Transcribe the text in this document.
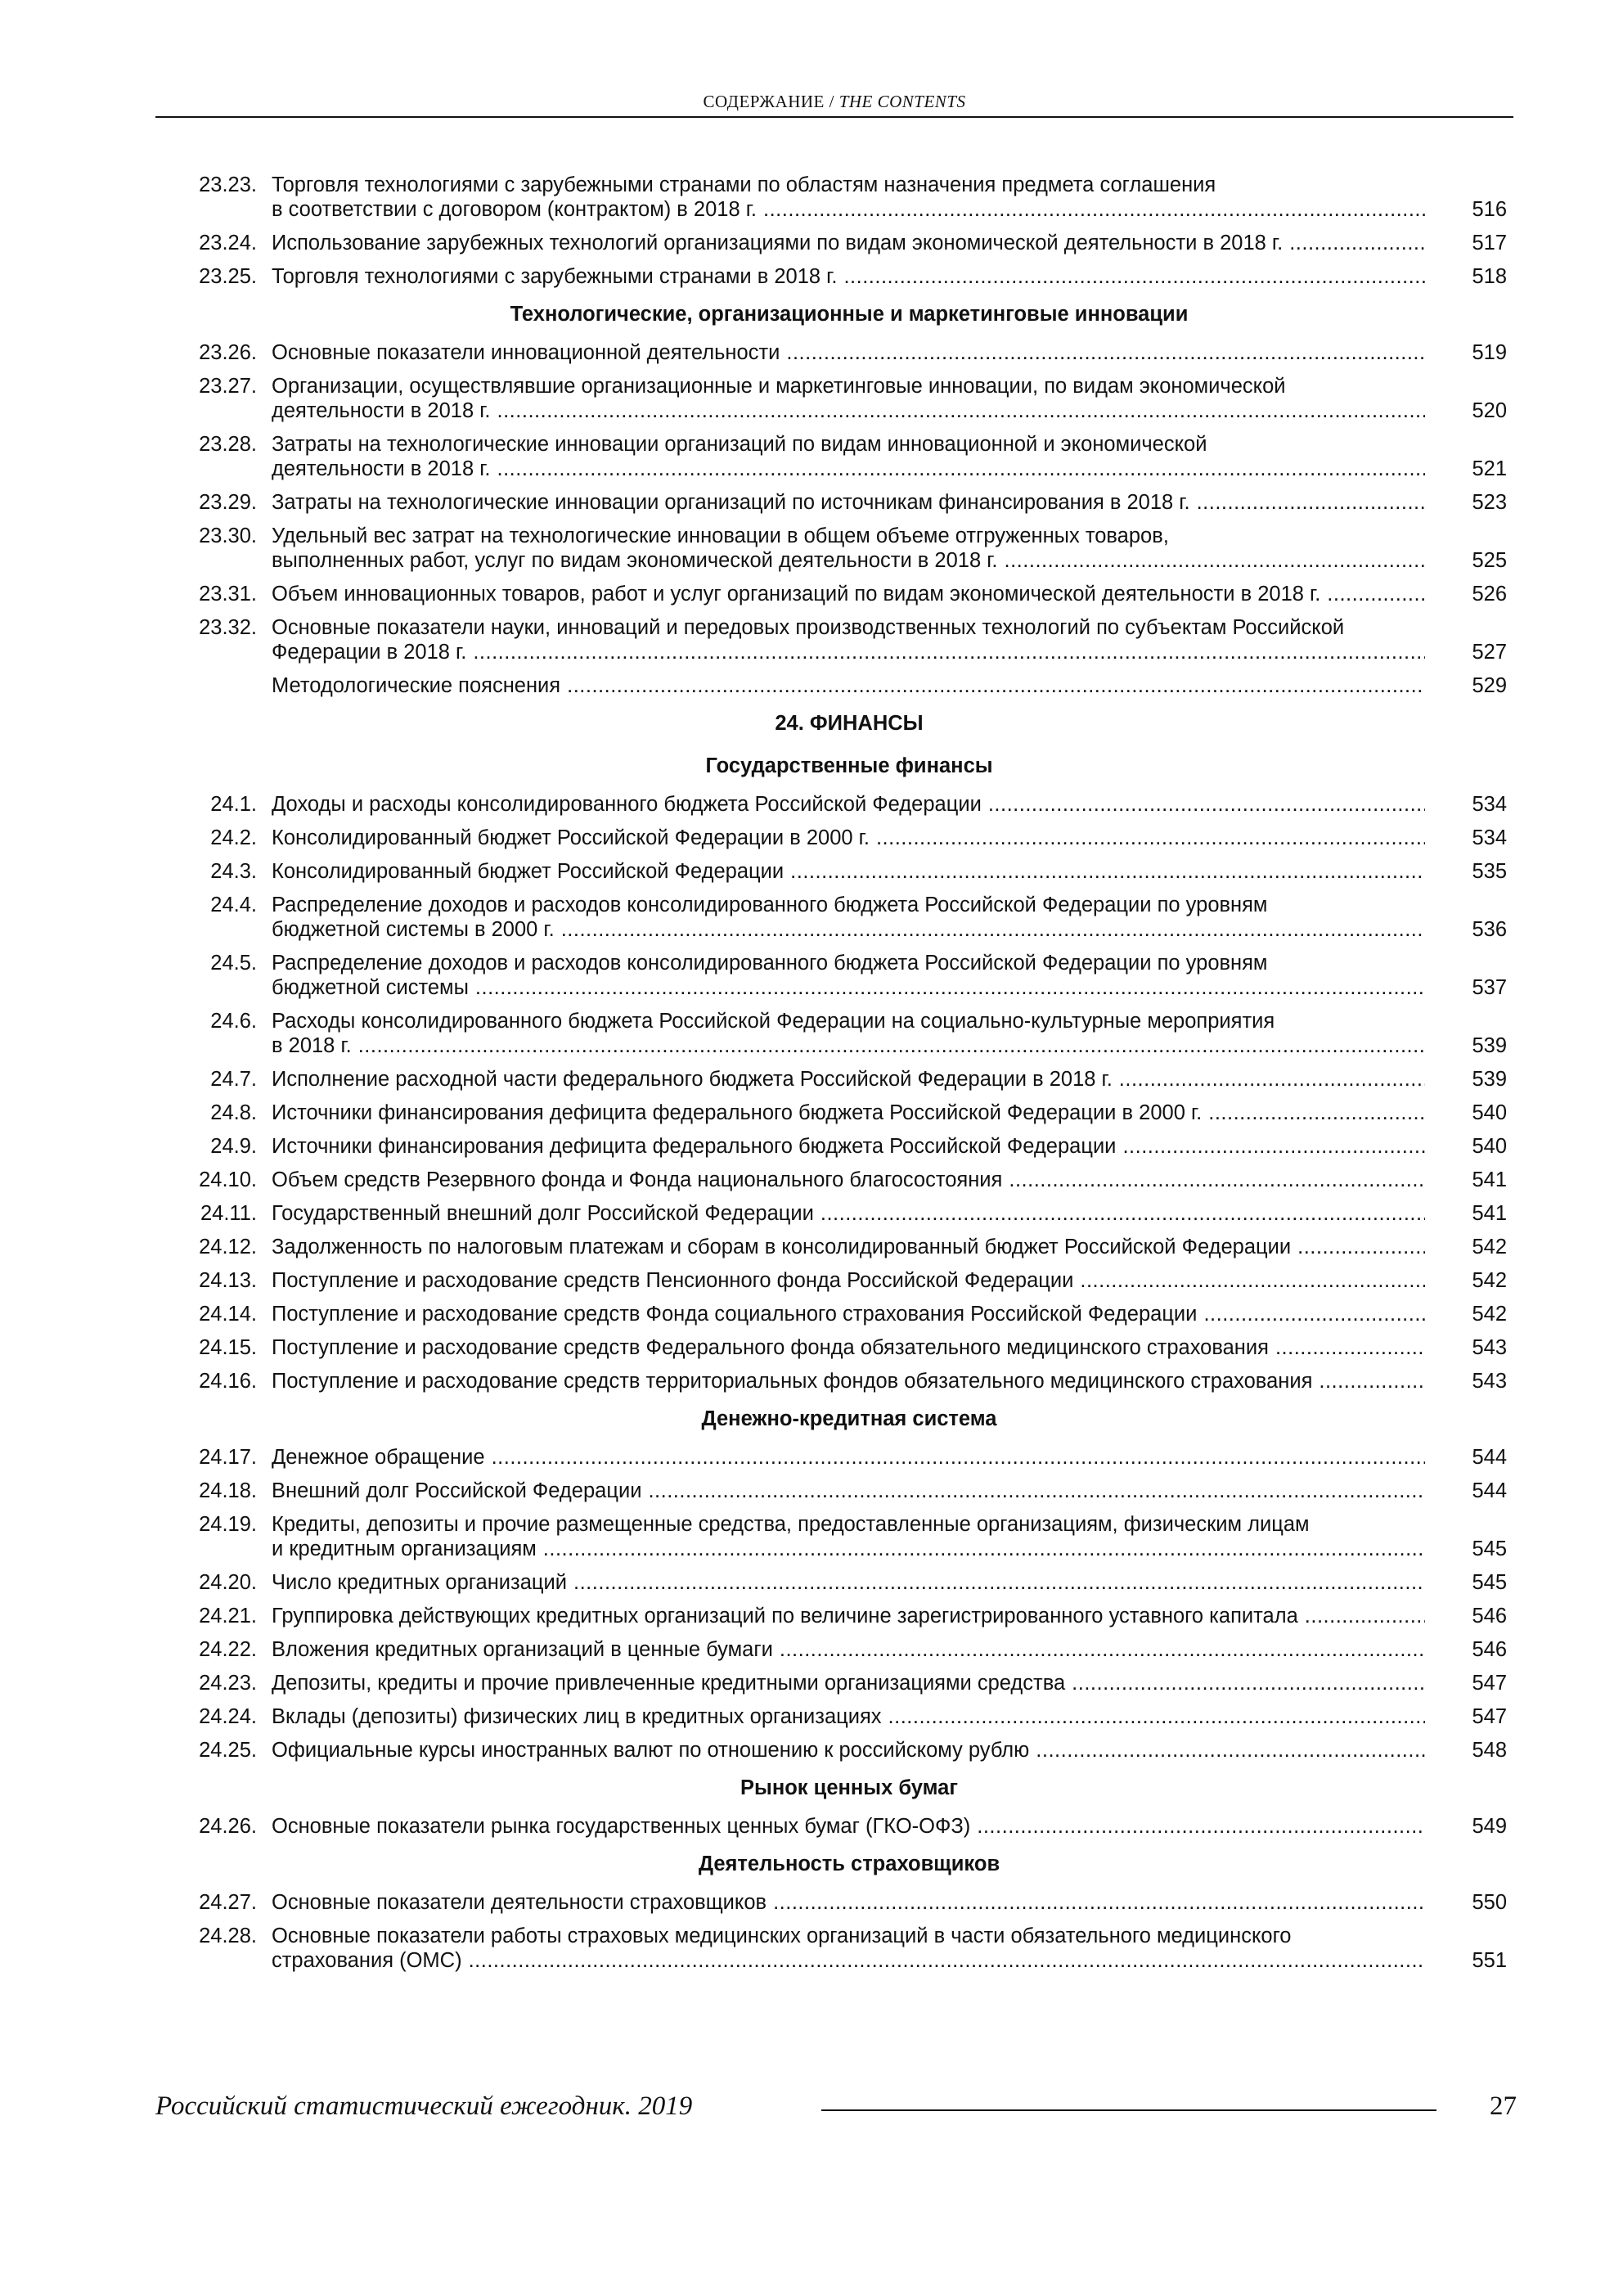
СОДЕРЖАНИЕ / THE CONTENTS
23.23. Торговля технологиями с зарубежными странами по областям назначения предмета соглашения
в соответствии с договором (контрактом) в 2018 г. .....	516
23.24. Использование зарубежных технологий организациями по видам экономической деятельности в 2018 г. .....	517
23.25. Торговля технологиями с зарубежными странами в 2018 г. .....	518
Технологические, организационные и маркетинговые инновации
23.26. Основные показатели инновационной деятельности .....	519
23.27. Организации, осуществлявшие организационные и маркетинговые инновации, по видам экономической
деятельности в 2018 г. .....	520
23.28. Затраты на технологические инновации организаций по видам инновационной и экономической
деятельности в 2018 г. .....	521
23.29. Затраты на технологические инновации организаций по источникам финансирования в 2018 г. .....	523
23.30. Удельный вес затрат на технологические инновации в общем объеме отгруженных товаров,
выполненных работ, услуг по видам экономической деятельности в 2018 г. .....	525
23.31. Объем инновационных товаров, работ и услуг организаций по видам экономической деятельности в 2018 г. .....	526
23.32. Основные показатели науки, инноваций и передовых производственных технологий по субъектам Российской
Федерации в 2018 г. .....	527
Методологические пояснения .....	529
24. ФИНАНСЫ
Государственные финансы
24.1. Доходы и расходы консолидированного бюджета Российской Федерации .....	534
24.2. Консолидированный бюджет Российской Федерации в 2000 г. .....	534
24.3. Консолидированный бюджет Российской Федерации .....	535
24.4. Распределение доходов и расходов консолидированного бюджета Российской Федерации по уровням
бюджетной системы в 2000 г. .....	536
24.5. Распределение доходов и расходов консолидированного бюджета Российской Федерации по уровням
бюджетной системы .....	537
24.6. Расходы консолидированного бюджета Российской Федерации на социально-культурные мероприятия
в 2018 г. .....	539
24.7. Исполнение расходной части федерального бюджета Российской Федерации в 2018 г. .....	539
24.8. Источники финансирования дефицита федерального бюджета Российской Федерации в 2000 г. .....	540
24.9. Источники финансирования дефицита федерального бюджета Российской Федерации .....	540
24.10. Объем средств Резервного фонда и Фонда национального благосостояния .....	541
24.11. Государственный внешний долг Российской Федерации .....	541
24.12. Задолженность по налоговым платежам и сборам в консолидированный бюджет Российской Федерации .....	542
24.13. Поступление и расходование средств Пенсионного фонда Российской Федерации .....	542
24.14. Поступление и расходование средств Фонда социального страхования Российской Федерации .....	542
24.15. Поступление и расходование средств Федерального фонда обязательного медицинского страхования .....	543
24.16. Поступление и расходование средств территориальных фондов обязательного медицинского страхования .....	543
Денежно-кредитная система
24.17. Денежное обращение .....	544
24.18. Внешний долг Российской Федерации .....	544
24.19. Кредиты, депозиты и прочие размещенные средства, предоставленные организациям, физическим лицам
и кредитным организациям .....	545
24.20. Число кредитных организаций .....	545
24.21. Группировка действующих кредитных организаций по величине зарегистрированного уставного капитала .....	546
24.22. Вложения кредитных организаций в ценные бумаги .....	546
24.23. Депозиты, кредиты и прочие привлеченные кредитными организациями средства .....	547
24.24. Вклады (депозиты) физических лиц в кредитных организациях .....	547
24.25. Официальные курсы иностранных валют по отношению к российскому рублю .....	548
Рынок ценных бумаг
24.26. Основные показатели рынка государственных ценных бумаг (ГКО-ОФЗ) .....	549
Деятельность страховщиков
24.27. Основные показатели деятельности страховщиков .....	550
24.28. Основные показатели работы страховых медицинских организаций в части обязательного медицинского
страхования (ОМС) .....	551
Российский статистический ежегодник. 2019	27
